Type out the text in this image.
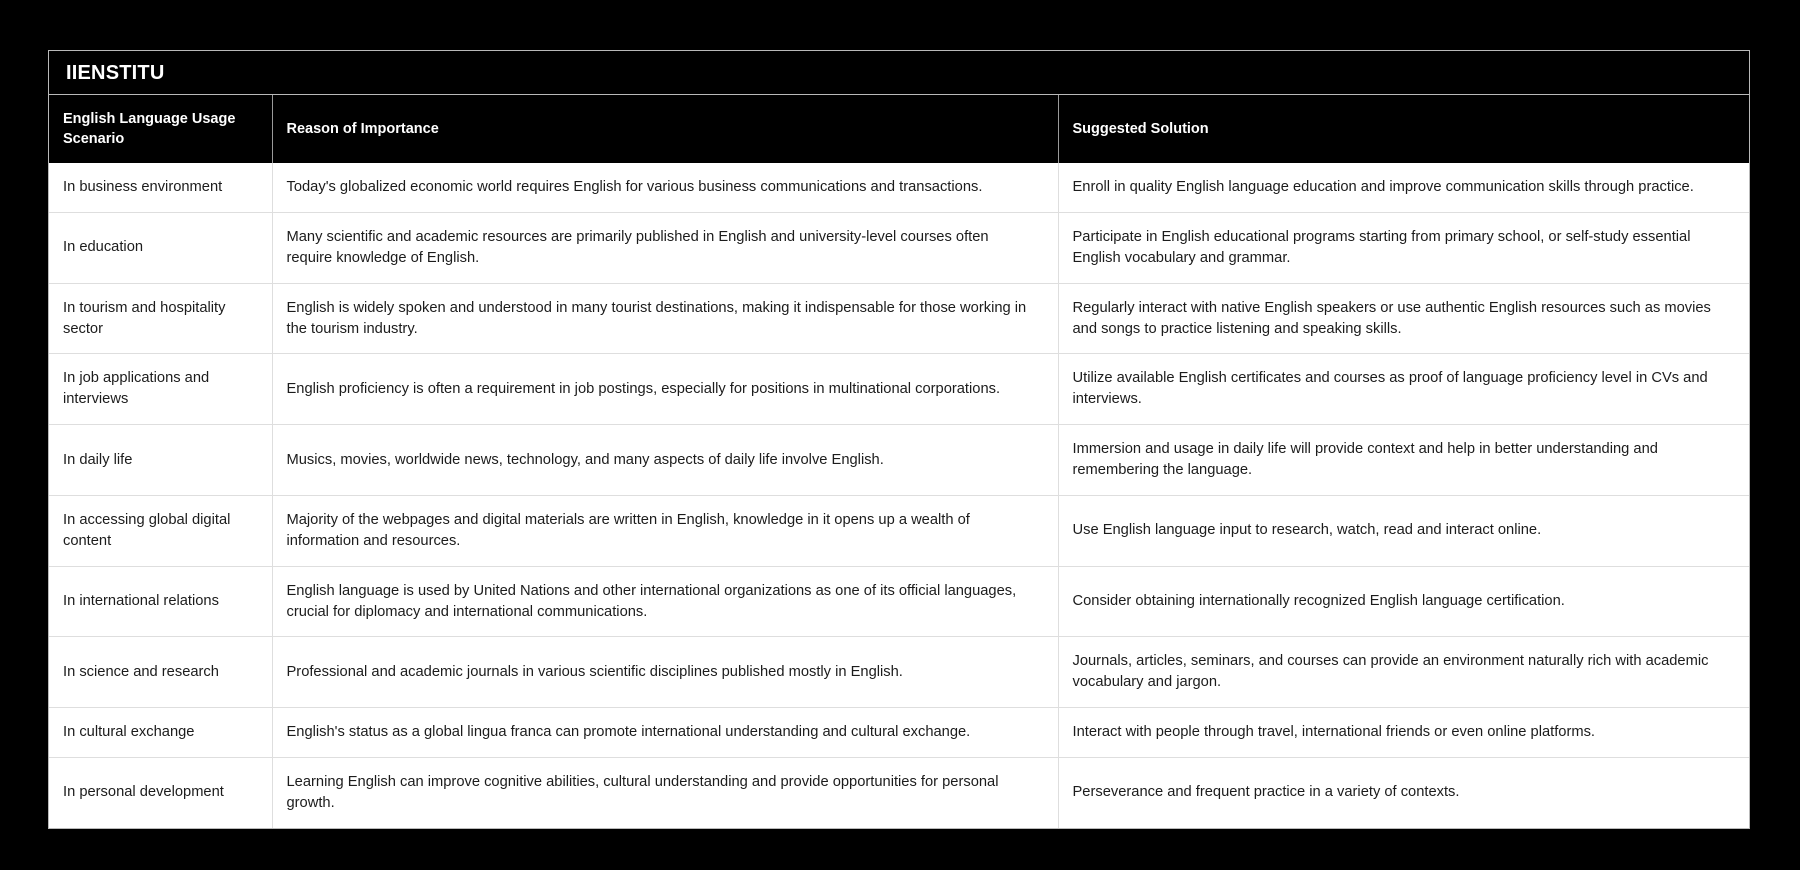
IIENSTITU
English Language Usage Scenario	Reason of Importance	Suggested Solution
In business environment	Today's globalized economic world requires English for various business communications and transactions.	Enroll in quality English language education and improve communication skills through practice.
In education	Many scientific and academic resources are primarily published in English and university-level courses often require knowledge of English.	Participate in English educational programs starting from primary school, or self-study essential English vocabulary and grammar.
In tourism and hospitality sector	English is widely spoken and understood in many tourist destinations, making it indispensable for those working in the tourism industry.	Regularly interact with native English speakers or use authentic English resources such as movies and songs to practice listening and speaking skills.
In job applications and interviews	English proficiency is often a requirement in job postings, especially for positions in multinational corporations.	Utilize available English certificates and courses as proof of language proficiency level in CVs and interviews.
In daily life	Musics, movies, worldwide news, technology, and many aspects of daily life involve English.	Immersion and usage in daily life will provide context and help in better understanding and remembering the language.
In accessing global digital content	Majority of the webpages and digital materials are written in English, knowledge in it opens up a wealth of information and resources.	Use English language input to research, watch, read and interact online.
In international relations	English language is used by United Nations and other international organizations as one of its official languages, crucial for diplomacy and international communications.	Consider obtaining internationally recognized English language certification.
In science and research	Professional and academic journals in various scientific disciplines published mostly in English.	Journals, articles, seminars, and courses can provide an environment naturally rich with academic vocabulary and jargon.
In cultural exchange	English's status as a global lingua franca can promote international understanding and cultural exchange.	Interact with people through travel, international friends or even online platforms.
In personal development	Learning English can improve cognitive abilities, cultural understanding and provide opportunities for personal growth.	Perseverance and frequent practice in a variety of contexts.
